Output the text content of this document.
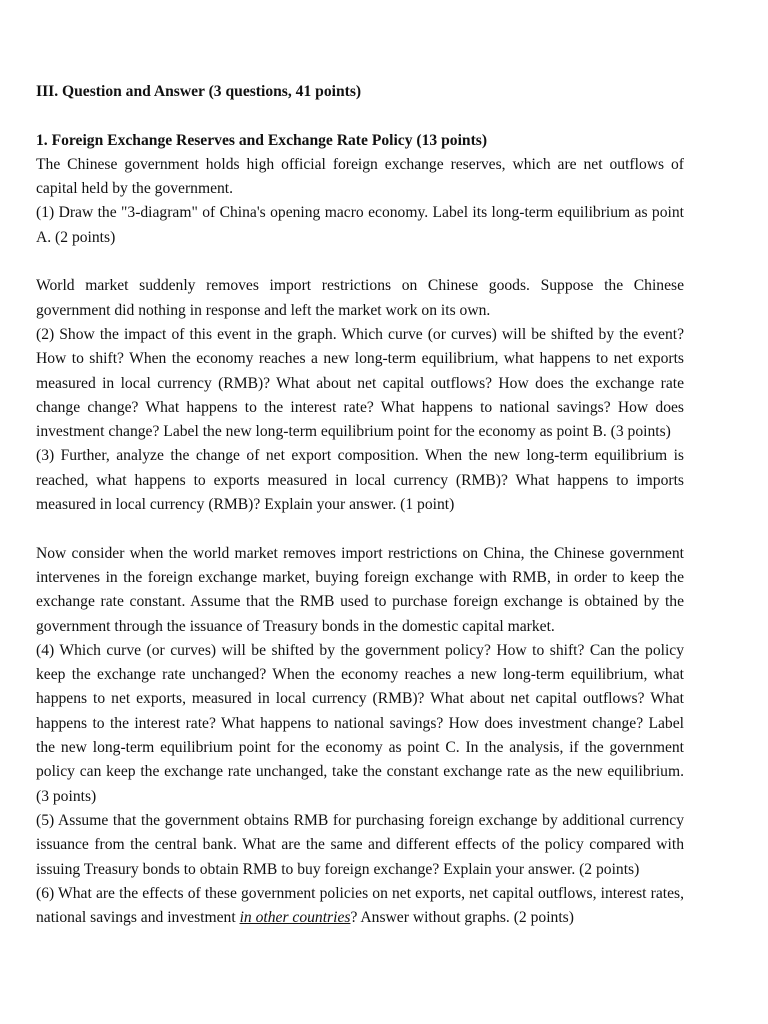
III. Question and Answer (3 questions, 41 points)

1. Foreign Exchange Reserves and Exchange Rate Policy (13 points)

The Chinese government holds high official foreign exchange reserves, which are net outflows of capital held by the government.

(1) Draw the "3-diagram" of China's opening macro economy. Label its long-term equilibrium as point A. (2 points)

World market suddenly removes import restrictions on Chinese goods. Suppose the Chinese government did nothing in response and left the market work on its own.

(2) Show the impact of this event in the graph. Which curve (or curves) will be shifted by the event? How to shift? When the economy reaches a new long-term equilibrium, what happens to net exports measured in local currency (RMB)? What about net capital outflows? How does the exchange rate change change? What happens to the interest rate? What happens to national savings? How does investment change? Label the new long-term equilibrium point for the economy as point B. (3 points)

(3) Further, analyze the change of net export composition. When the new long-term equilibrium is reached, what happens to exports measured in local currency (RMB)? What happens to imports measured in local currency (RMB)? Explain your answer. (1 point)

Now consider when the world market removes import restrictions on China, the Chinese government intervenes in the foreign exchange market, buying foreign exchange with RMB, in order to keep the exchange rate constant. Assume that the RMB used to purchase foreign exchange is obtained by the government through the issuance of Treasury bonds in the domestic capital market.

(4) Which curve (or curves) will be shifted by the government policy? How to shift? Can the policy keep the exchange rate unchanged? When the economy reaches a new long-term equilibrium, what happens to net exports, measured in local currency (RMB)? What about net capital outflows? What happens to the interest rate? What happens to national savings? How does investment change? Label the new long-term equilibrium point for the economy as point C. In the analysis, if the government policy can keep the exchange rate unchanged, take the constant exchange rate as the new equilibrium. (3 points)

(5) Assume that the government obtains RMB for purchasing foreign exchange by additional currency issuance from the central bank. What are the same and different effects of the policy compared with issuing Treasury bonds to obtain RMB to buy foreign exchange? Explain your answer. (2 points)

(6) What are the effects of these government policies on net exports, net capital outflows, interest rates, national savings and investment in other countries? Answer without graphs. (2 points)
